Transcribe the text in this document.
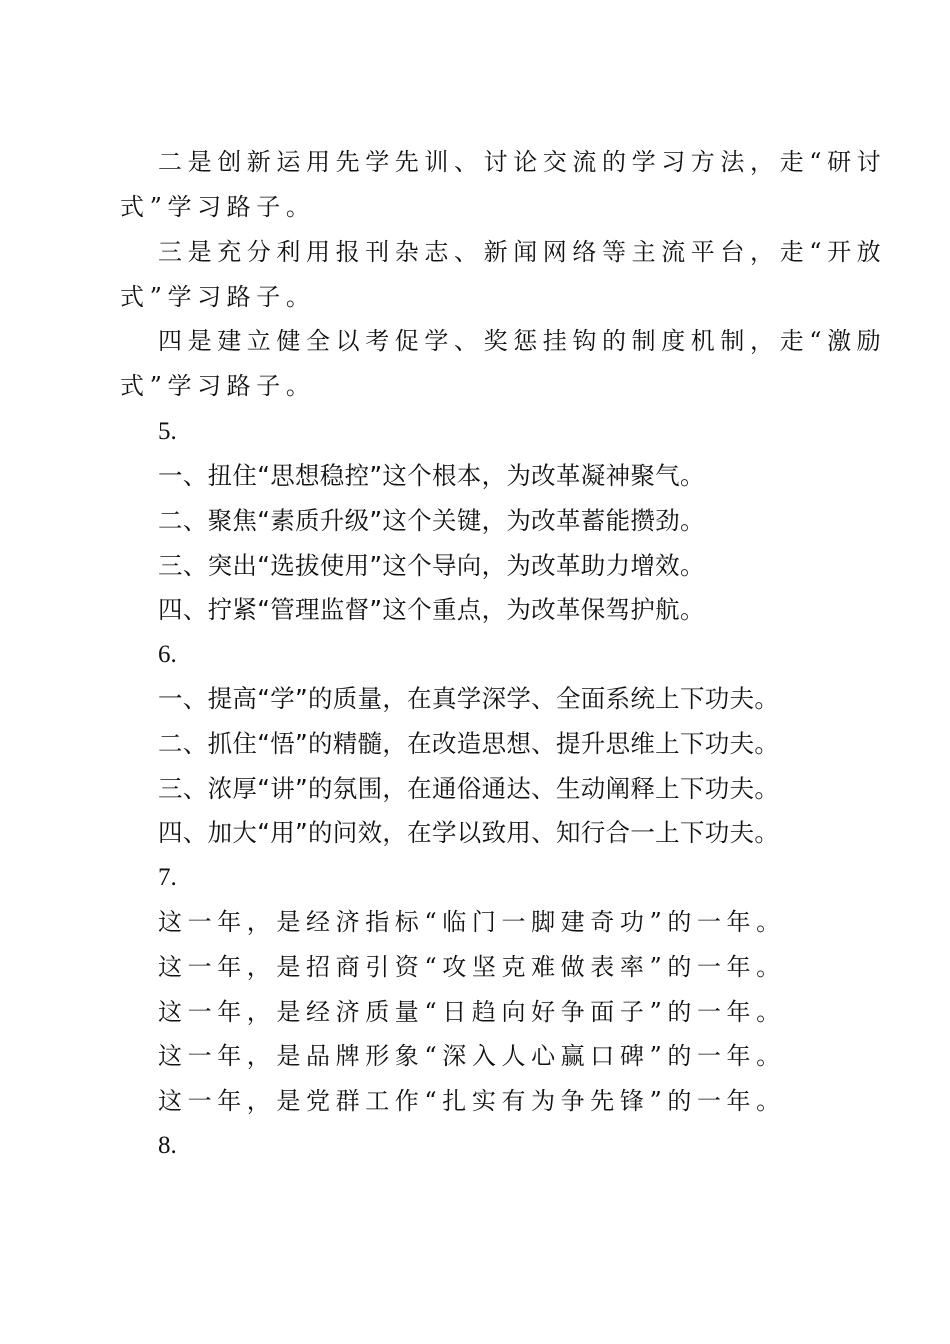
二是创新运用先学先训、讨论交流的学习方法，走“研讨
式”学习路子。
三是充分利用报刊杂志、新闻网络等主流平台，走“开放
式”学习路子。
四是建立健全以考促学、奖惩挂钩的制度机制，走“激励
式”学习路子。
5.
一、扭住“思想稳控”这个根本，为改革凝神聚气。
二、聚焦“素质升级”这个关键，为改革蓄能攒劲。
三、突出“选拔使用”这个导向，为改革助力增效。
四、拧紧“管理监督”这个重点，为改革保驾护航。
6.
一、提高“学”的质量，在真学深学、全面系统上下功夫。
二、抓住“悟”的精髓，在改造思想、提升思维上下功夫。
三、浓厚“讲”的氛围，在通俗通达、生动阐释上下功夫。
四、加大“用”的问效，在学以致用、知行合一上下功夫。
7.
这一年，是经济指标“临门一脚建奇功”的一年。
这一年，是招商引资“攻坚克难做表率”的一年。
这一年，是经济质量“日趋向好争面子”的一年。
这一年，是品牌形象“深入人心赢口碑”的一年。
这一年，是党群工作“扎实有为争先锋”的一年。
8.
